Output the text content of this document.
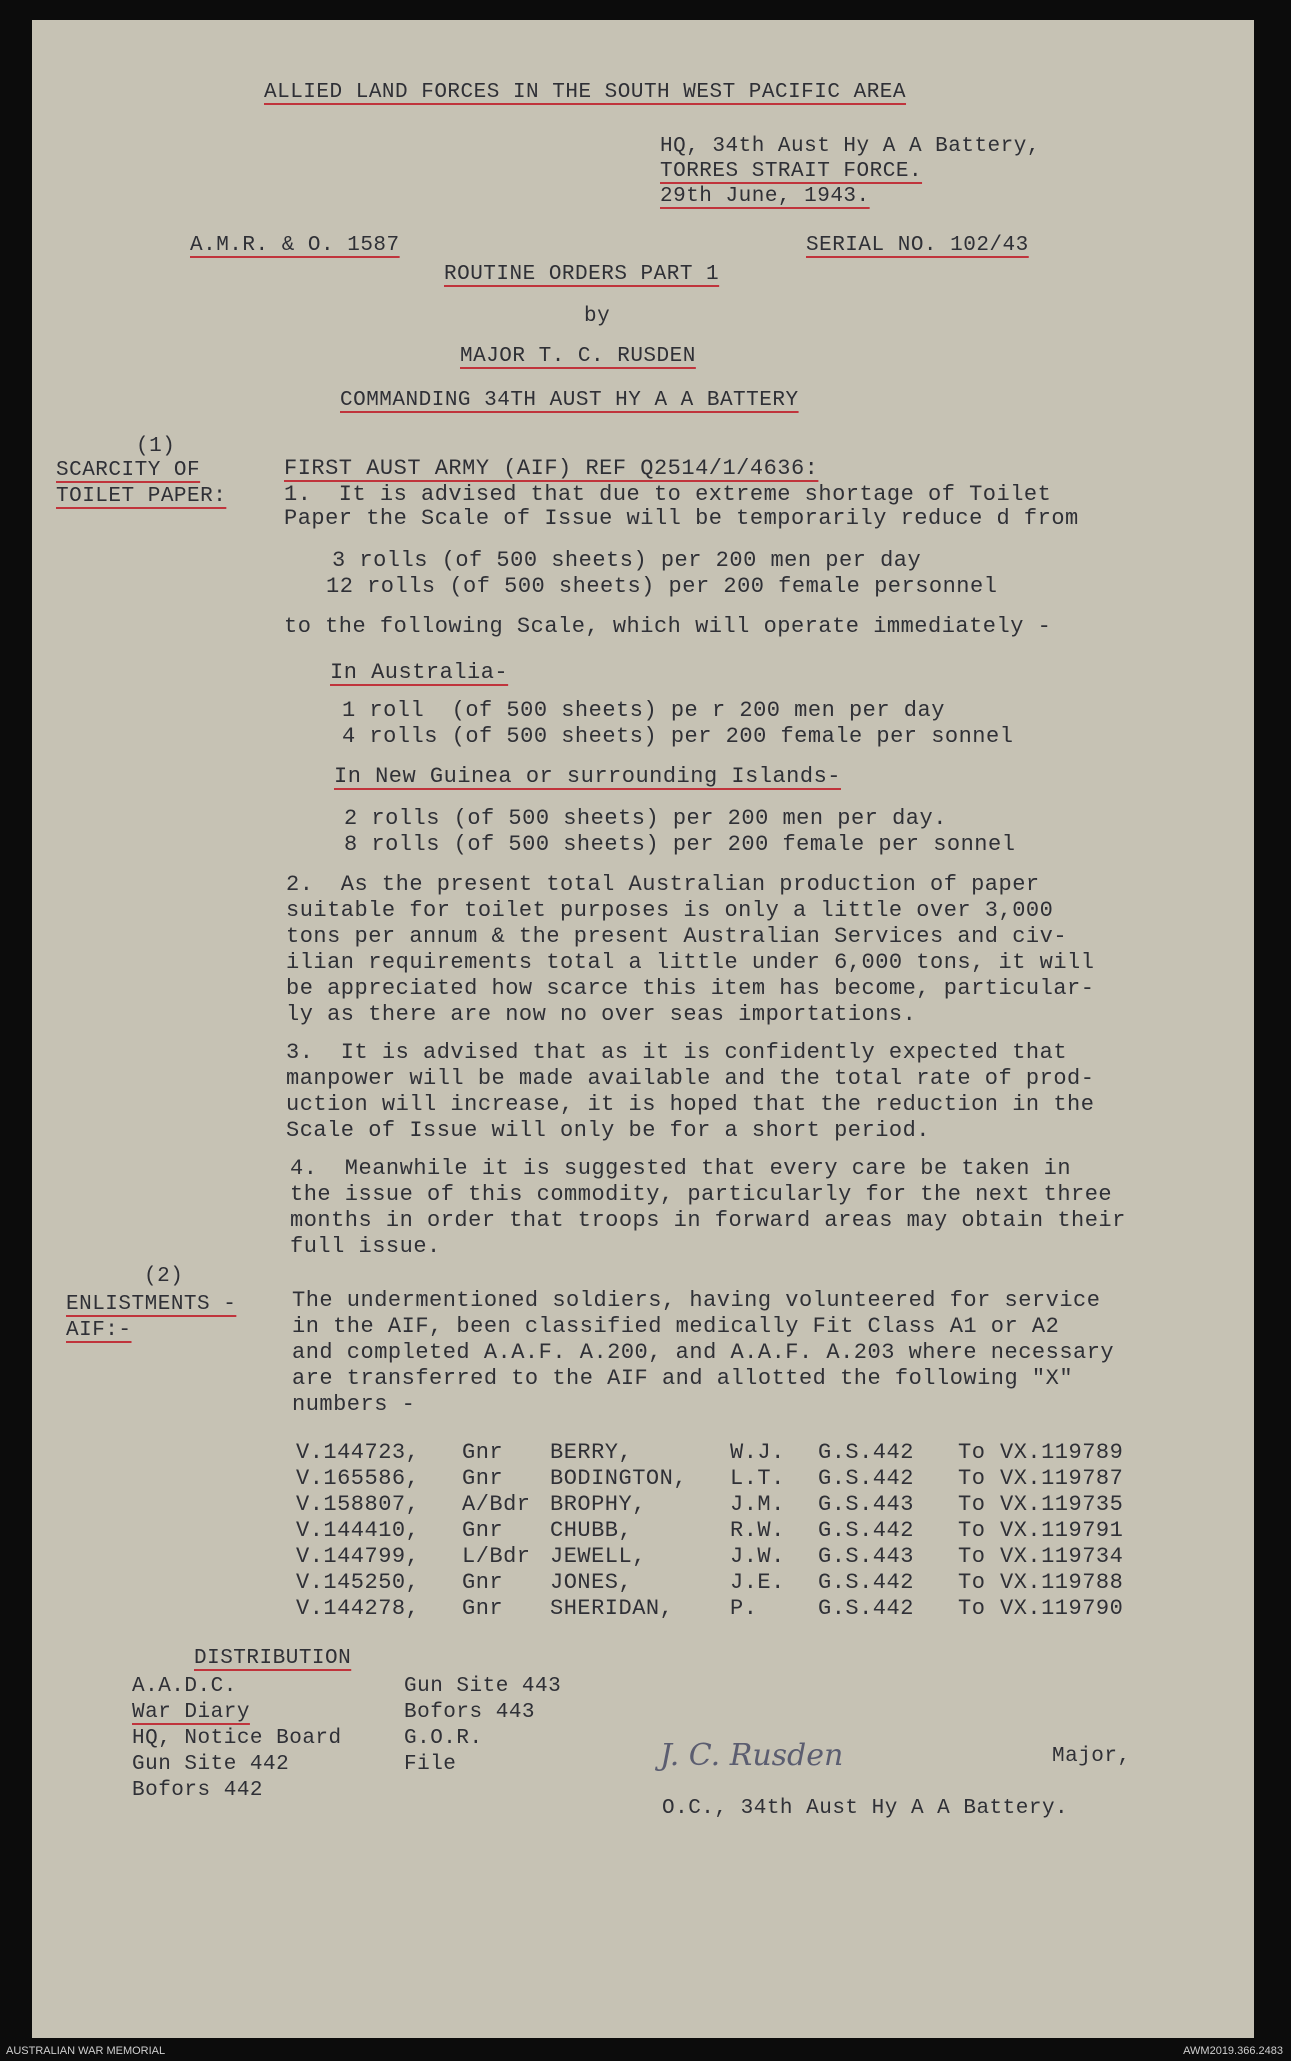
ALLIED LAND FORCES IN THE SOUTH WEST PACIFIC AREA
HQ, 34th Aust Hy A A Battery,
TORRES STRAIT FORCE.
29th June, 1943.
A.M.R. & O. 1587	SERIAL NO. 102/43
ROUTINE ORDERS PART 1
by
MAJOR T. C. RUSDEN
COMMANDING 34TH AUST HY A A BATTERY
(1)
SCARCITY OF
TOILET PAPER:
FIRST AUST ARMY (AIF) REF Q2514/1/4636:
1.  It is advised that due to extreme shortage of Toilet
Paper the Scale of Issue will be temporarily reduce d from
3 rolls (of 500 sheets) per 200 men per day
12 rolls (of 500 sheets) per 200 female personnel
to the following Scale, which will operate immediately -
In Australia-
1 roll  (of 500 sheets) pe r 200 men per day
4 rolls (of 500 sheets) per 200 female per sonnel
In New Guinea or surrounding Islands-
2 rolls (of 500 sheets) per 200 men per day.
8 rolls (of 500 sheets) per 200 female per sonnel
2.  As the present total Australian production of paper
suitable for toilet purposes is only a little over 3,000
tons per annum & the present Australian Services and civ-
ilian requirements total a little under 6,000 tons, it will
be appreciated how scarce this item has become, particular-
ly as there are now no over seas importations.
3.  It is advised that as it is confidently expected that
manpower will be made available and the total rate of prod-
uction will increase, it is hoped that the reduction in the
Scale of Issue will only be for a short period.
4.  Meanwhile it is suggested that every care be taken in
the issue of this commodity, particularly for the next three
months in order that troops in forward areas may obtain their
full issue.
(2)
ENLISTMENTS -
AIF:-
The undermentioned soldiers, having volunteered for service
in the AIF, been classified medically Fit Class A1 or A2
and completed A.A.F. A.200, and A.A.F. A.203 where necessary
are transferred to the AIF and allotted the following "X"
numbers -
V.144723, Gnr BERRY,	W.J. G.S.442 To VX.119789
V.165586, Gnr BODINGTON, L.T. G.S.442 To VX.119787
V.158807, A/Bdr BROPHY,	J.M. G.S.443 To VX.119735
V.144410, Gnr CHUBB,	R.W. G.S.442 To VX.119791
V.144799, L/Bdr JEWELL,	J.W. G.S.443 To VX.119734
V.145250, Gnr JONES,	J.E. G.S.442 To VX.119788
V.144278, Gnr SHERIDAN,	P.	G.S.442 To VX.119790
DISTRIBUTION
A.A.D.C.
War Diary
HQ, Notice Board
Gun Site 442
Bofors 442
Gun Site 443
Bofors 443
G.O.R.
File	J. C. Rusden	Major,
O.C., 34th Aust Hy A A Battery.
AUSTRALIAN WAR MEMORIAL	AWM2019.366.2483
